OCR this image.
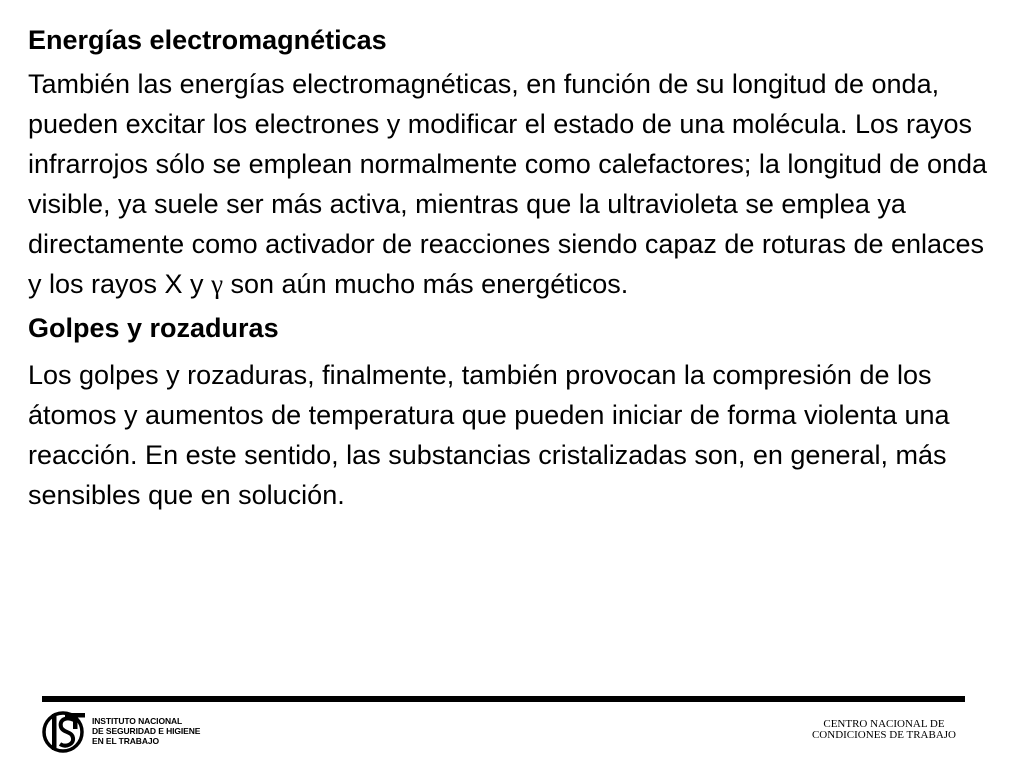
Energías electromagnéticas

También las energías electromagnéticas, en función de su longitud de onda, pueden excitar los electrones y modificar el estado de una molécula. Los rayos infrarrojos sólo se emplean normalmente como calefactores; la longitud de onda visible, ya suele ser más activa, mientras que la ultravioleta se emplea ya directamente como activador de reacciones siendo capaz de roturas de enlaces y los rayos X y γ son aún mucho más energéticos.

Golpes y rozaduras

Los golpes y rozaduras, finalmente, también provocan la compresión de los átomos y aumentos de temperatura que pueden iniciar de forma violenta una reacción. En este sentido, las substancias cristalizadas son, en general, más sensibles que en solución.

INSTITUTO NACIONAL
DE SEGURIDAD E HIGIENE
EN EL TRABAJO
CENTRO NACIONAL DE
CONDICIONES DE TRABAJO
